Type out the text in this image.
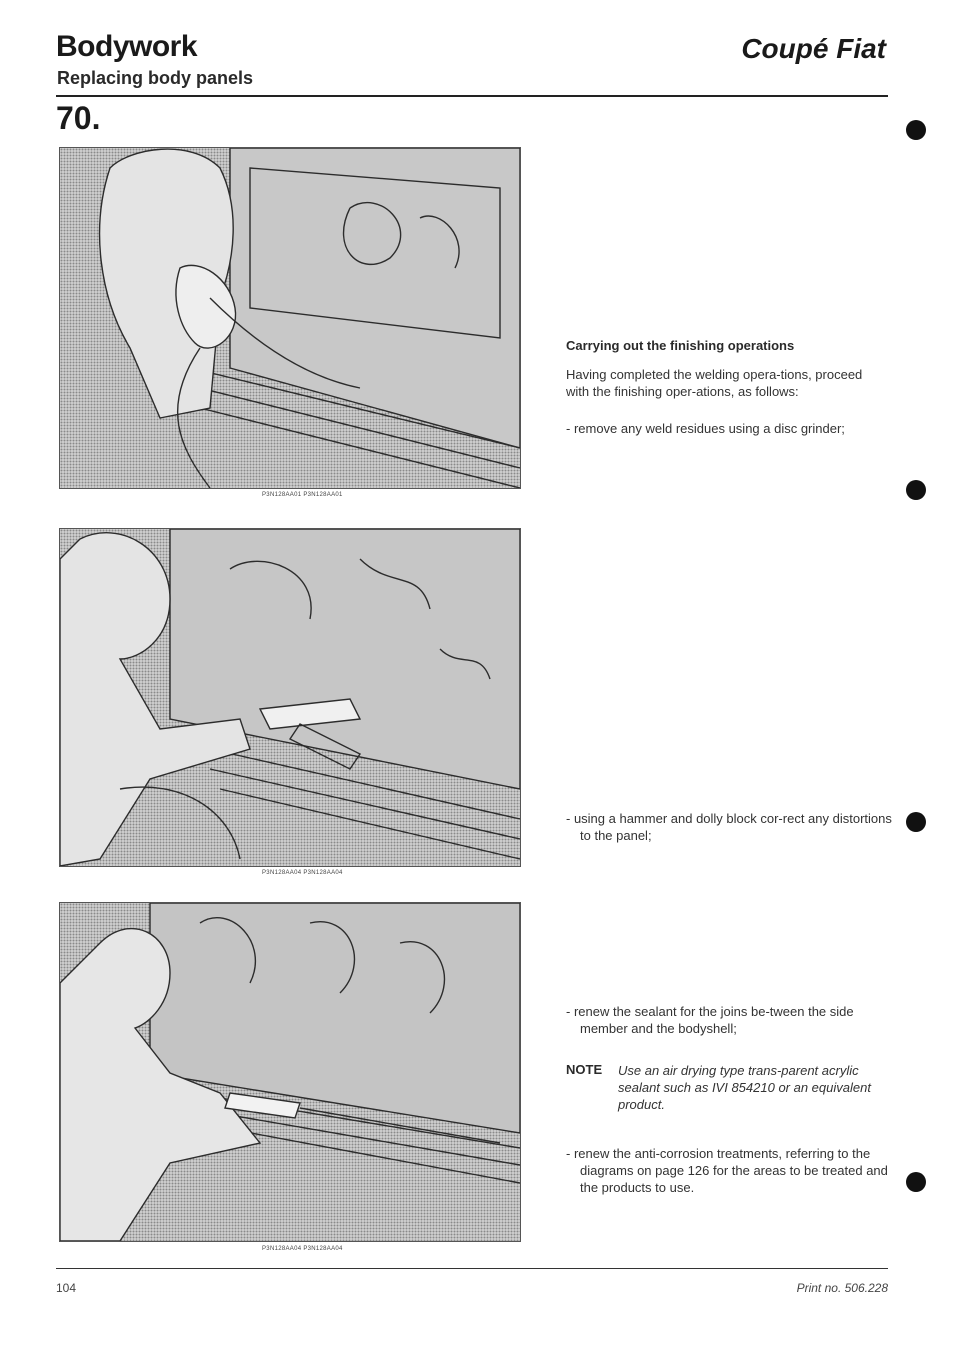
Bodywork
Replacing body panels
Coupé Fiat
70.
P3N128AA01 P3N128AA01
P3N128AA04 P3N128AA04
P3N128AA04 P3N128AA04
Carrying out the finishing operations
Having completed the welding opera-tions, proceed with the finishing oper-ations, as follows:
- remove any weld residues using a disc grinder;
- using a hammer and dolly block cor-rect any distortions to the panel;
- renew the sealant for the joins be-tween the side member and the bodyshell;
NOTE Use an air drying type trans-parent acrylic sealant such as IVI 854210 or an equivalent product.
- renew the anti-corrosion treatments, referring to the diagrams on page 126 for the areas to be treated and the products to use.
104	Print no. 506.228
